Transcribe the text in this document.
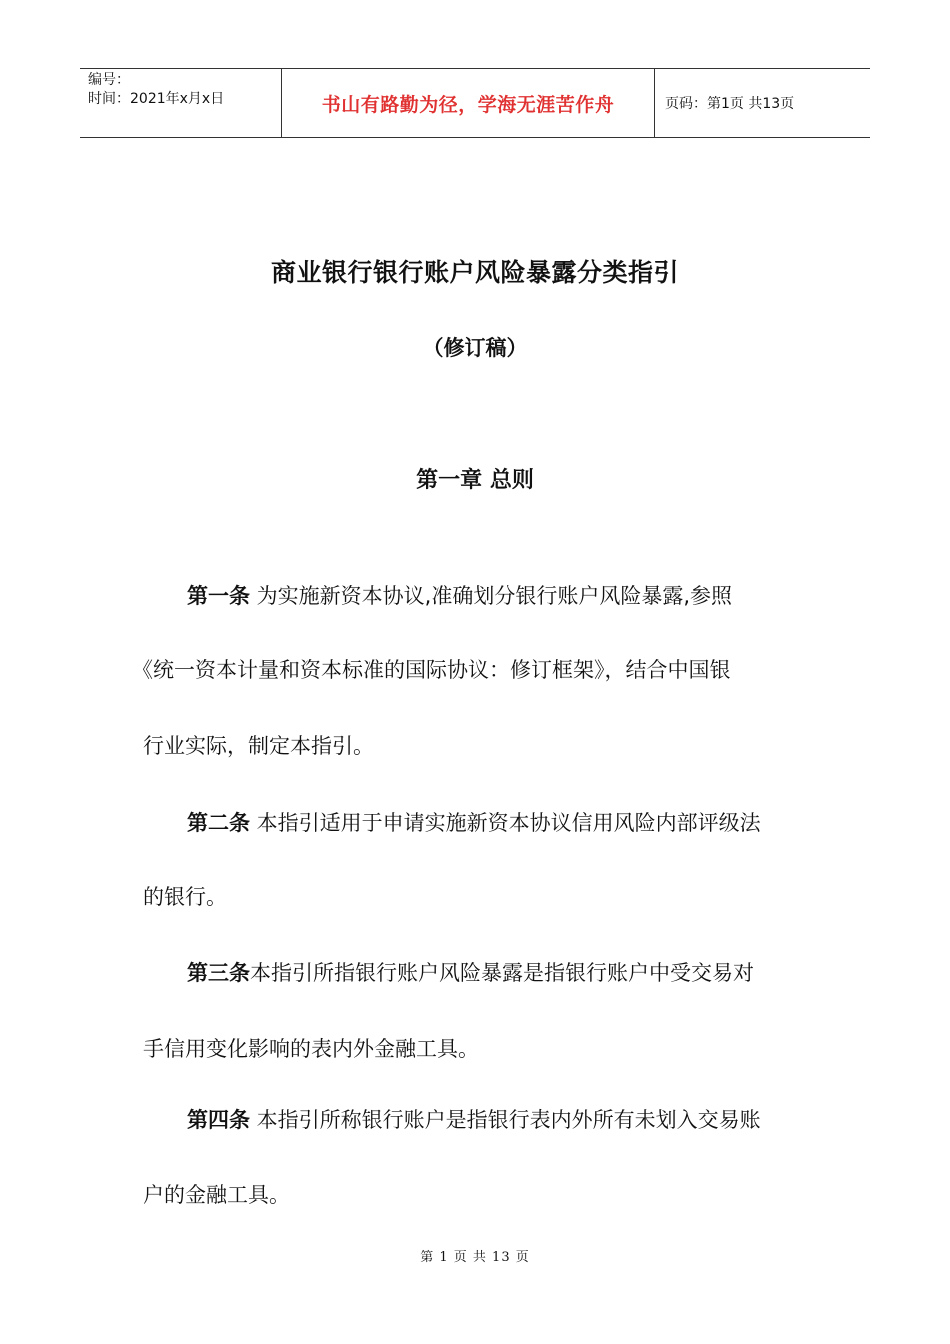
编号：
时间：2021年x月x日	书山有路勤为径，学海无涯苦作舟	页码：第1页 共13页
商业银行银行账户风险暴露分类指引
（修订稿）
第一章 总则
第一条 为实施新资本协议,准确划分银行账户风险暴露,参照
《统一资本计量和资本标准的国际协议：修订框架》，结合中国银
行业实际，制定本指引。
第二条 本指引适用于申请实施新资本协议信用风险内部评级法
的银行。
第三条本指引所指银行账户风险暴露是指银行账户中受交易对
手信用变化影响的表内外金融工具。
第四条 本指引所称银行账户是指银行表内外所有未划入交易账
户的金融工具。
第 1 页 共 13 页
